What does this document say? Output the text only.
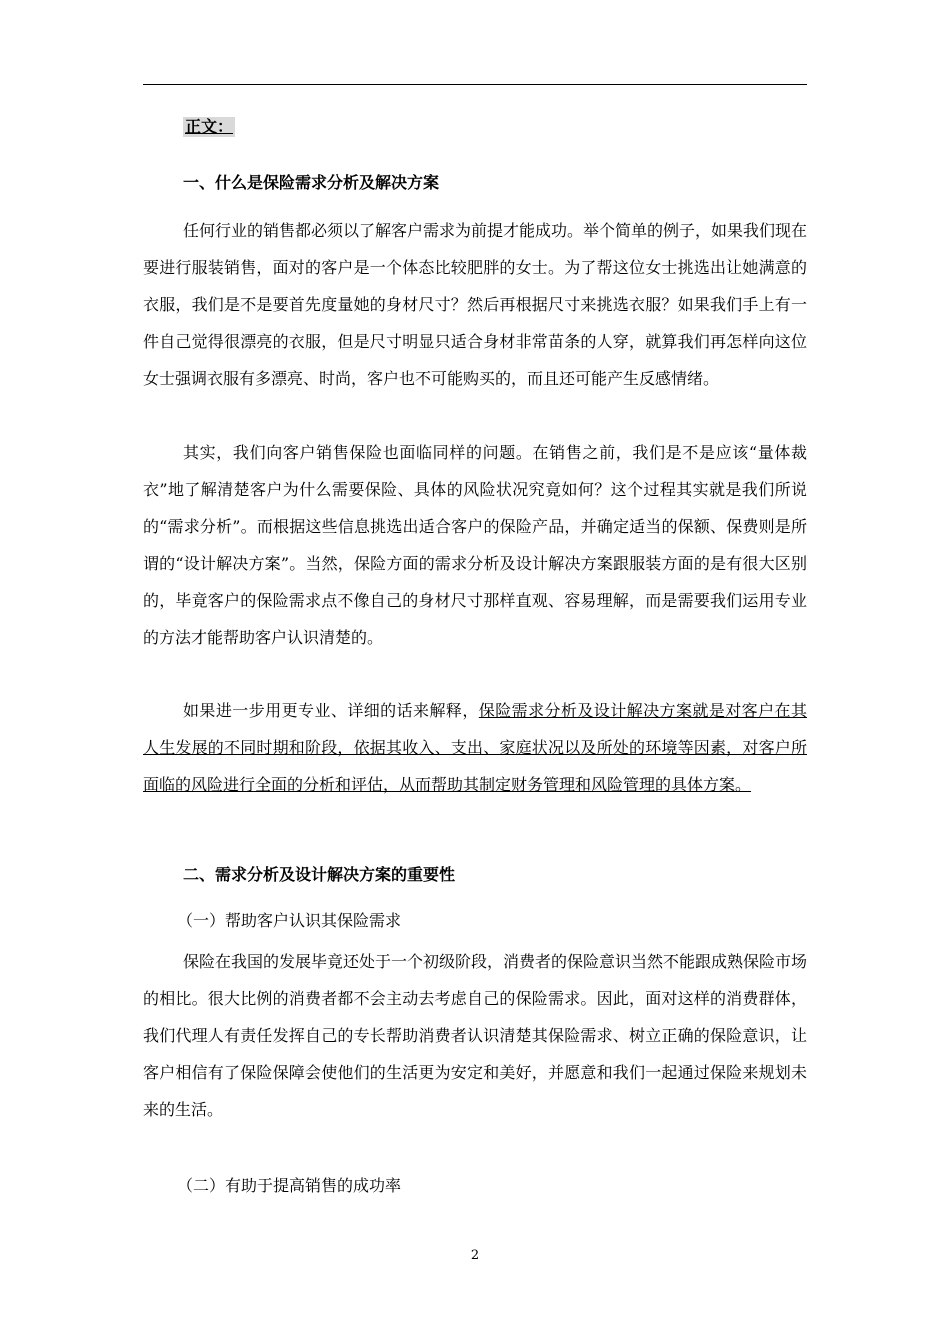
正文：
一、什么是保险需求分析及解决方案

任何行业的销售都必须以了解客户需求为前提才能成功。举个简单的例子，如果我们现在要进行服装销售，面对的客户是一个体态比较肥胖的女士。为了帮这位女士挑选出让她满意的衣服，我们是不是要首先度量她的身材尺寸？然后再根据尺寸来挑选衣服？如果我们手上有一件自己觉得很漂亮的衣服，但是尺寸明显只适合身材非常苗条的人穿，就算我们再怎样向这位女士强调衣服有多漂亮、时尚，客户也不可能购买的，而且还可能产生反感情绪。

其实，我们向客户销售保险也面临同样的问题。在销售之前，我们是不是应该“量体裁衣”地了解清楚客户为什么需要保险、具体的风险状况究竟如何？这个过程其实就是我们所说的“需求分析”。而根据这些信息挑选出适合客户的保险产品，并确定适当的保额、保费则是所谓的“设计解决方案”。当然，保险方面的需求分析及设计解决方案跟服装方面的是有很大区别的，毕竟客户的保险需求点不像自己的身材尺寸那样直观、容易理解，而是需要我们运用专业的方法才能帮助客户认识清楚的。

如果进一步用更专业、详细的话来解释，保险需求分析及设计解决方案就是对客户在其人生发展的不同时期和阶段，依据其收入、支出、家庭状况以及所处的环境等因素，对客户所面临的风险进行全面的分析和评估，从而帮助其制定财务管理和风险管理的具体方案。

二、需求分析及设计解决方案的重要性
（一）帮助客户认识其保险需求

保险在我国的发展毕竟还处于一个初级阶段，消费者的保险意识当然不能跟成熟保险市场的相比。很大比例的消费者都不会主动去考虑自己的保险需求。因此，面对这样的消费群体，我们代理人有责任发挥自己的专长帮助消费者认识清楚其保险需求、树立正确的保险意识，让客户相信有了保险保障会使他们的生活更为安定和美好，并愿意和我们一起通过保险来规划未来的生活。

（二）有助于提高销售的成功率
2
